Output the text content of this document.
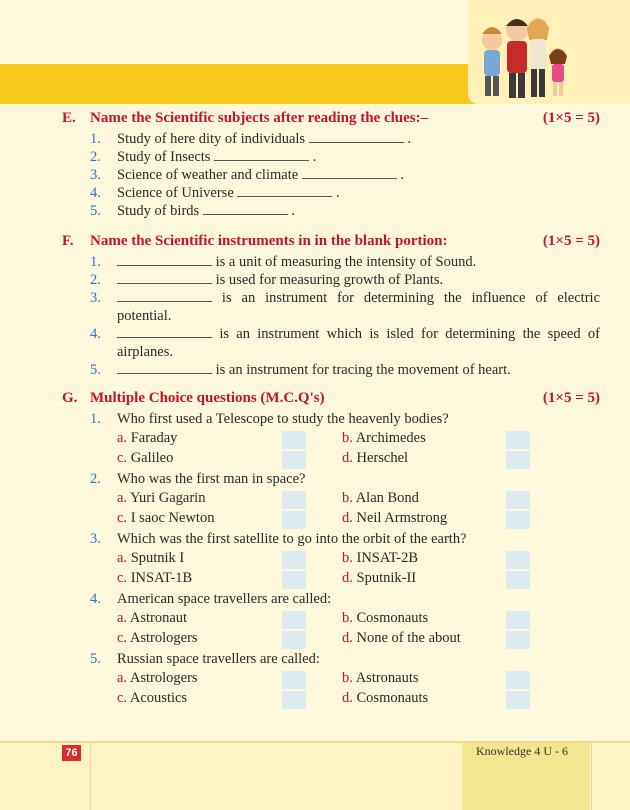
E. Name the Scientific subjects after reading the clues:–	(1×5 = 5)
1. Study of here dity of individuals	.
2. Study of Insects	.
3. Science of weather and climate	.
4. Science of Universe	.
5. Study of birds	.
F. Name the Scientific instruments in in the blank portion:	(1×5 = 5)
1.	is a unit of measuring the intensity of Sound.
2.	is used for measuring growth of Plants.
3.	is an instrument for determining the influence of electric potential.
4.	is an instrument which is isled for determining the speed of airplanes.
5.	is an instrument for tracing the movement of heart.
G. Multiple Choice questions (M.C.Q's)	(1×5 = 5)
1. Who first used a Telescope to study the heavenly bodies?
a. Faraday	b. Archimedes
c. Galileo	d. Herschel
2. Who was the first man in space?
a. Yuri Gagarin	b. Alan Bond
c. I saoc Newton	d. Neil Armstrong
3. Which was the first satellite to go into the orbit of the earth?
a. Sputnik I	b. INSAT-2B
c. INSAT-1B	d. Sputnik-II
4. American space travellers are called:
a. Astronaut	b. Cosmonauts
c. Astrologers	d. None of the about
5. Russian space travellers are called:
a. Astrologers	b. Astronauts
c. Acoustics	d. Cosmonauts
76	Knowledge 4 U - 6
